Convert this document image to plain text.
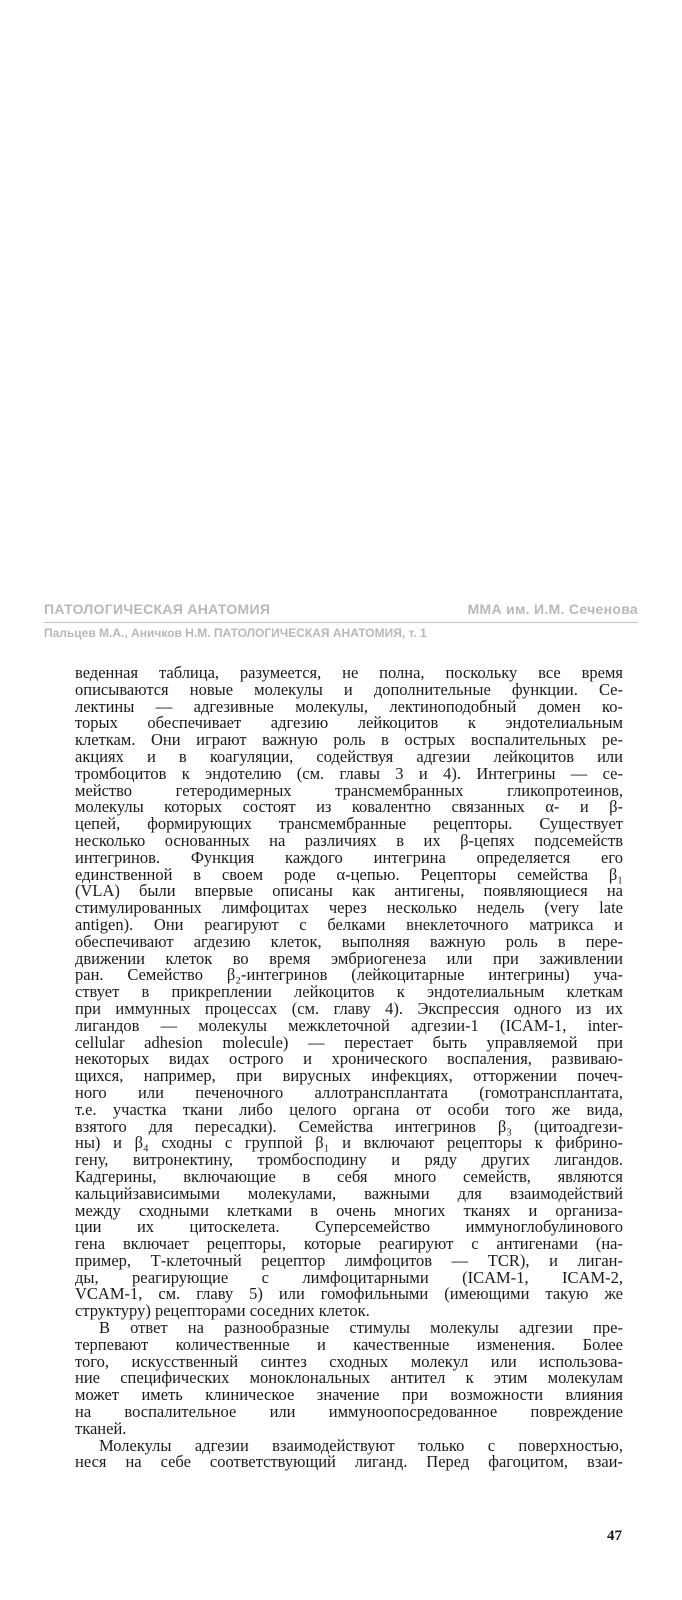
ПАТОЛОГИЧЕСКАЯ АНАТОМИЯ	ММА им. И.М. Сеченова
Пальцев М.А., Аничков Н.М. ПАТОЛОГИЧЕСКАЯ АНАТОМИЯ, т. 1
веденная таблица, разумеется, не полна, поскольку все время
описываются новые молекулы и дополнительные функции. Се-
лектины — адгезивные молекулы, лектиноподобный домен ко-
торых обеспечивает адгезию лейкоцитов к эндотелиальным
клеткам. Они играют важную роль в острых воспалительных ре-
акциях и в коагуляции, содействуя адгезии лейкоцитов или
тромбоцитов к эндотелию (см. главы 3 и 4). Интегрины — се-
мейство гетеродимерных трансмембранных гликопротеинов,
молекулы которых состоят из ковалентно связанных α- и β-
цепей, формирующих трансмембранные рецепторы. Существует
несколько основанных на различиях в их β-цепях подсемейств
интегринов. Функция каждого интегрина определяется его
единственной в своем роде α-цепью. Рецепторы семейства β₁
(VLA) были впервые описаны как антигены, появляющиеся на
стимулированных лимфоцитах через несколько недель (very late
antigen). Они реагируют с белками внеклеточного матрикса и
обеспечивают агдезию клеток, выполняя важную роль в пере-
движении клеток во время эмбриогенеза или при заживлении
ран. Семейство β₂-интегринов (лейкоцитарные интегрины) уча-
ствует в прикреплении лейкоцитов к эндотелиальным клеткам
при иммунных процессах (см. главу 4). Экспрессия одного из их
лигандов — молекулы межклеточной адгезии-1 (ICAM-1, inter-
cellular adhesion molecule) — перестает быть управляемой при
некоторых видах острого и хронического воспаления, развиваю-
щихся, например, при вирусных инфекциях, отторжении почеч-
ного или печеночного аллотрансплантата (гомотрансплантата,
т.е. участка ткани либо целого органа от особи того же вида,
взятого для пересадки). Семейства интегринов β₃ (цитоадгези-
ны) и β₄ сходны с группой β₁ и включают рецепторы к фибрино-
гену, витронектину, тромбосподину и ряду других лигандов.
Кадгерины, включающие в себя много семейств, являются
кальцийзависимыми молекулами, важными для взаимодействий
между сходными клетками в очень многих тканях и организа-
ции их цитоскелета. Суперсемейство иммуноглобулинового
гена включает рецепторы, которые реагируют с антигенами (на-
пример, Т-клеточный рецептор лимфоцитов — TCR), и лиган-
ды, реагирующие с лимфоцитарными (ICAM-1, ICAM-2,
VCAM-1, см. главу 5) или гомофильными (имеющими такую же
структуру) рецепторами соседних клеток.
В ответ на разнообразные стимулы молекулы адгезии пре-
терпевают количественные и качественные изменения. Более
того, искусственный синтез сходных молекул или использова-
ние специфических моноклональных антител к этим молекулам
может иметь клиническое значение при возможности влияния
на воспалительное или иммуноопосредованное повреждение
тканей.
Молекулы адгезии взаимодействуют только с поверхностью,
неся на себе соответствующий лиганд. Перед фагоцитом, взаи-
47
